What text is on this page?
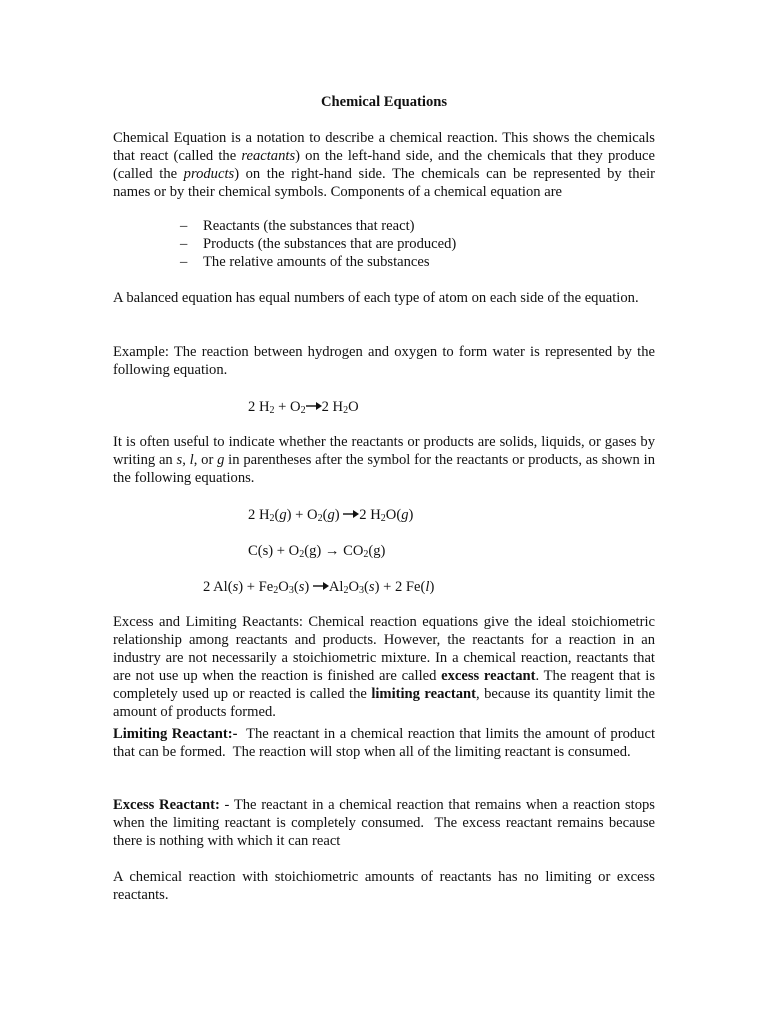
Chemical Equations

Chemical Equation is a notation to describe a chemical reaction. This shows the chemicals that react (called the reactants) on the left-hand side, and the chemicals that they produce (called the products) on the right-hand side. The chemicals can be represented by their names or by their chemical symbols. Components of a chemical equation are

– Reactants (the substances that react)
– Products (the substances that are produced)
– The relative amounts of the substances

A balanced equation has equal numbers of each type of atom on each side of the equation.

Example: The reaction between hydrogen and oxygen to form water is represented by the following equation.

2 $H_2 + O_2\to 2$ $H_2O$

It is often useful to indicate whether the reactants or products are solids, liquids, or gases by writing an s, l, or g in parentheses after the symbol for the reactants or products, as shown in the following equations.

2 $H_2(g) + O_2(g) \to 2$ $H_2O(g)$
$C(s) + O_2(g) \to CO_2(g)$
2 $Al(s) + Fe_2O_3(s) \to Al_2O_3(s) + 2$ Fe(l)

Excess and Limiting Reactants: Chemical reaction equations give the ideal stoichiometric relationship among reactants and products. However, the reactants for a reaction in an industry are not necessarily a stoichiometric mixture. In a chemical reaction, reactants that are not use up when the reaction is finished are called excess reactant. The reagent that is completely used up or reacted is called the limiting reactant, because its quantity limit the amount of products formed.

Limiting Reactant:-  The reactant in a chemical reaction that limits the amount of product that can be formed.  The reaction will stop when all of the limiting reactant is consumed.

Excess Reactant: - The reactant in a chemical reaction that remains when a reaction stops when the limiting reactant is completely consumed.  The excess reactant remains because there is nothing with which it can react

A chemical reaction with stoichiometric amounts of reactants has no limiting or excess reactants.
